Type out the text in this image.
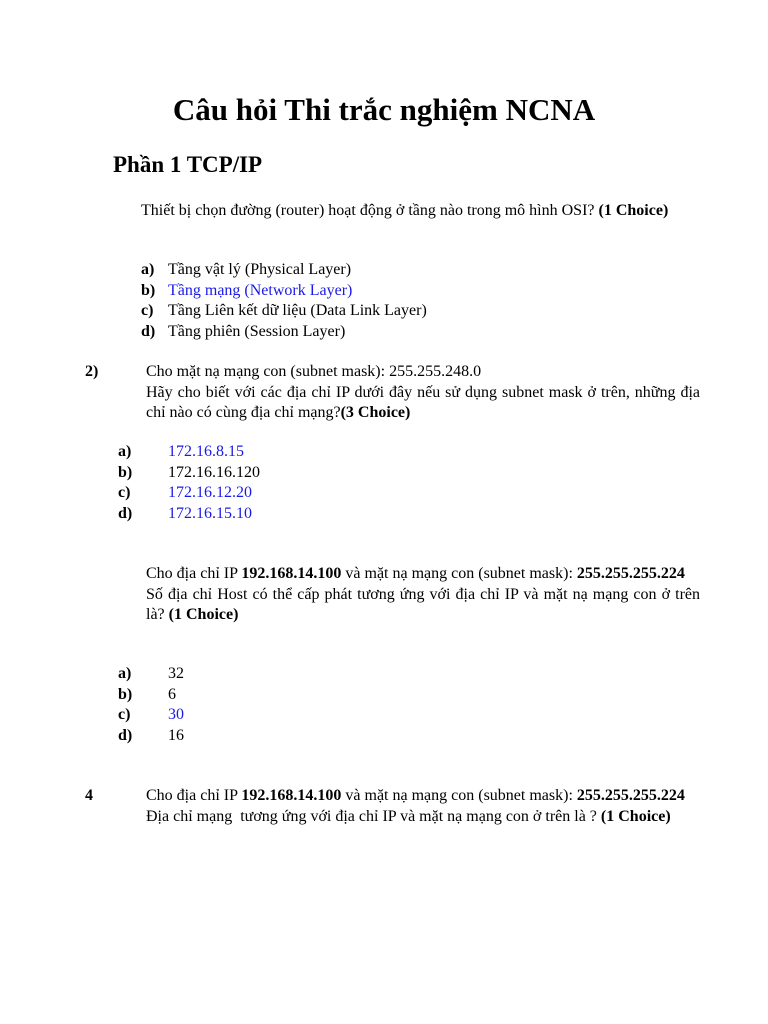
Câu hỏi Thi trắc nghiệm NCNA
Phần 1 TCP/IP
Thiết bị chọn đường (router) hoạt động ở tầng nào trong mô hình OSI? (1 Choice)
a) Tầng vật lý (Physical Layer)
b) Tầng mạng (Network Layer)
c) Tầng Liên kết dữ liệu (Data Link Layer)
d) Tầng phiên (Session Layer)
2)	Cho mặt nạ mạng con (subnet mask): 255.255.248.0
Hãy cho biết với các địa chỉ IP dưới đây nếu sử dụng subnet mask ở trên, những địa chỉ nào có cùng địa chỉ mạng?(3 Choice)
a) 172.16.8.15
b) 172.16.16.120
c) 172.16.12.20
d) 172.16.15.10
Cho địa chỉ IP 192.168.14.100 và mặt nạ mạng con (subnet mask): 255.255.255.224
Số địa chỉ Host có thể cấp phát tương ứng với địa chỉ IP và mặt nạ mạng con ở trên là? (1 Choice)
a) 32
b) 6
c) 30
d) 16
4	Cho địa chỉ IP 192.168.14.100 và mặt nạ mạng con (subnet mask): 255.255.255.224
Địa chỉ mạng  tương ứng với địa chỉ IP và mặt nạ mạng con ở trên là ? (1 Choice)
